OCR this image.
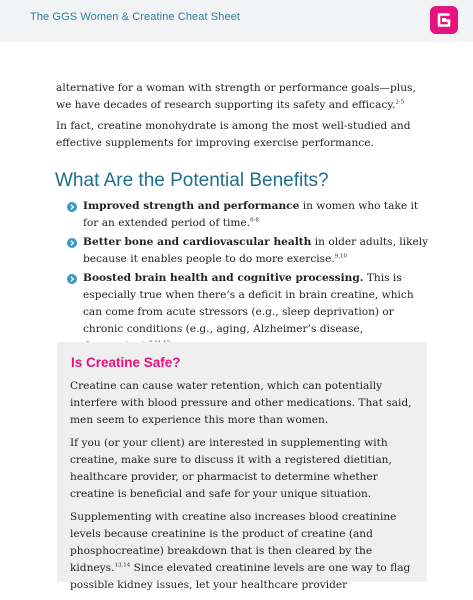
The GGS Women & Creatine Cheat Sheet
alternative for a woman with strength or performance goals—plus, we have decades of research supporting its safety and efficacy.$^{2-5}$
In fact, creatine monohydrate is among the most well-studied and effective supplements for improving exercise performance.
What Are the Potential Benefits?
Improved strength and performance in women who take it for an extended period of time.$^{6-8}$
Better bone and cardiovascular health in older adults, likely because it enables people to do more exercise.$^{9,10}$
Boosted brain health and cognitive processing. This is especially true when there’s a deficit in brain creatine, which can come from acute stressors (e.g., sleep deprivation) or chronic conditions (e.g., aging, Alzheimer’s disease,
Is Creatine Safe?
Creatine can cause water retention, which can potentially interfere with blood pressure and other medications. That said, men seem to experience this more than women.
If you (or your client) are interested in supplementing with creatine, make sure to discuss it with a registered dietitian, healthcare provider, or pharmacist to determine whether creatine is beneficial and safe for your unique situation.
Supplementing with creatine also increases blood creatinine levels because creatinine is the product of creatine (and phosphocreatine) breakdown that is then cleared by the kidneys.$^{13,14}$ Since elevated creatinine levels are one way to flag possible kidney issues, let your healthcare provider
